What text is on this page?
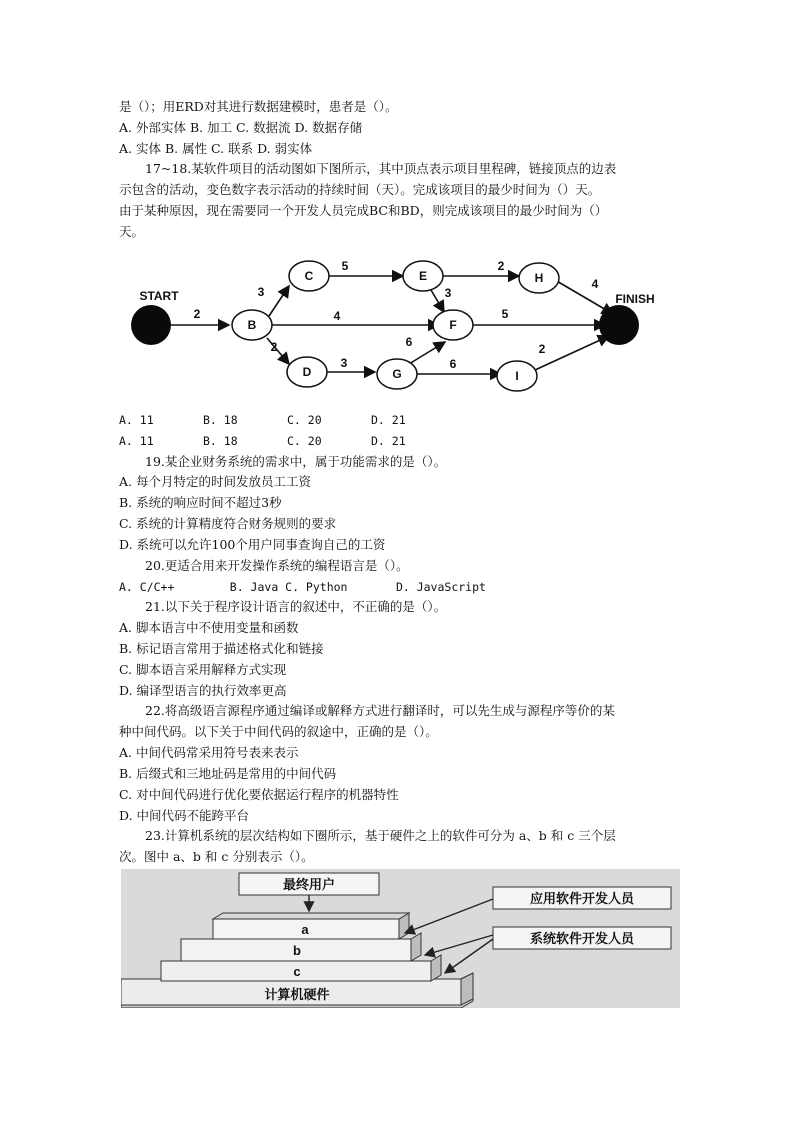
是（）；用ERD对其进行数据建模时，患者是（）。
A. 外部实体 B. 加工 C. 数据流 D. 数据存储
A. 实体 B. 属性 C. 联系 D. 弱实体
17~18.某软件项目的活动图如下图所示，其中顶点表示项目里程碑，链接顶点的边表
示包含的活动，变色数字表示活动的持续时间（天）。完成该项目的最少时间为（）天。
由于某种原因，现在需要同一个开发人员完成BC和BD，则完成该项目的最少时间为（）
天。
START	FINISH
B
C
D
E
F
G
H
I
2
3
4
2
5	2
3
4
5
3
6
6
2
A. 11	B. 18	C. 20	D. 21
A. 11	B. 18	C. 20	D. 21
19.某企业财务系统的需求中，属于功能需求的是（）。
A. 每个月特定的时间发放员工工资
B. 系统的响应时间不超过3秒
C. 系统的计算精度符合财务规则的要求
D. 系统可以允许100个用户同事查询自己的工资
20.更适合用来开发操作系统的编程语言是（）。
A. C/C++        B. Java C. Python       D. JavaScript
21.以下关于程序设计语言的叙述中，不正确的是（）。
A. 脚本语言中不使用变量和函数
B. 标记语言常用于描述格式化和链接
C. 脚本语言采用解释方式实现
D. 编译型语言的执行效率更高
22.将高级语言源程序通过编译或解释方式进行翻译时，可以先生成与源程序等价的某
种中间代码。以下关于中间代码的叙途中，正确的是（）。
A. 中间代码常采用符号表来表示
B. 后缀式和三地址码是常用的中间代码
C. 对中间代码进行优化要依据运行程序的机器特性
D. 中间代码不能跨平台
23.计算机系统的层次结构如下圈所示，基于硬件之上的软件可分为 a、b 和 c 三个层
次。图中 a、b 和 c 分别表示（）。
最终用户
应用软件开发人员
系统软件开发人员
a
b
c
计算机硬件
